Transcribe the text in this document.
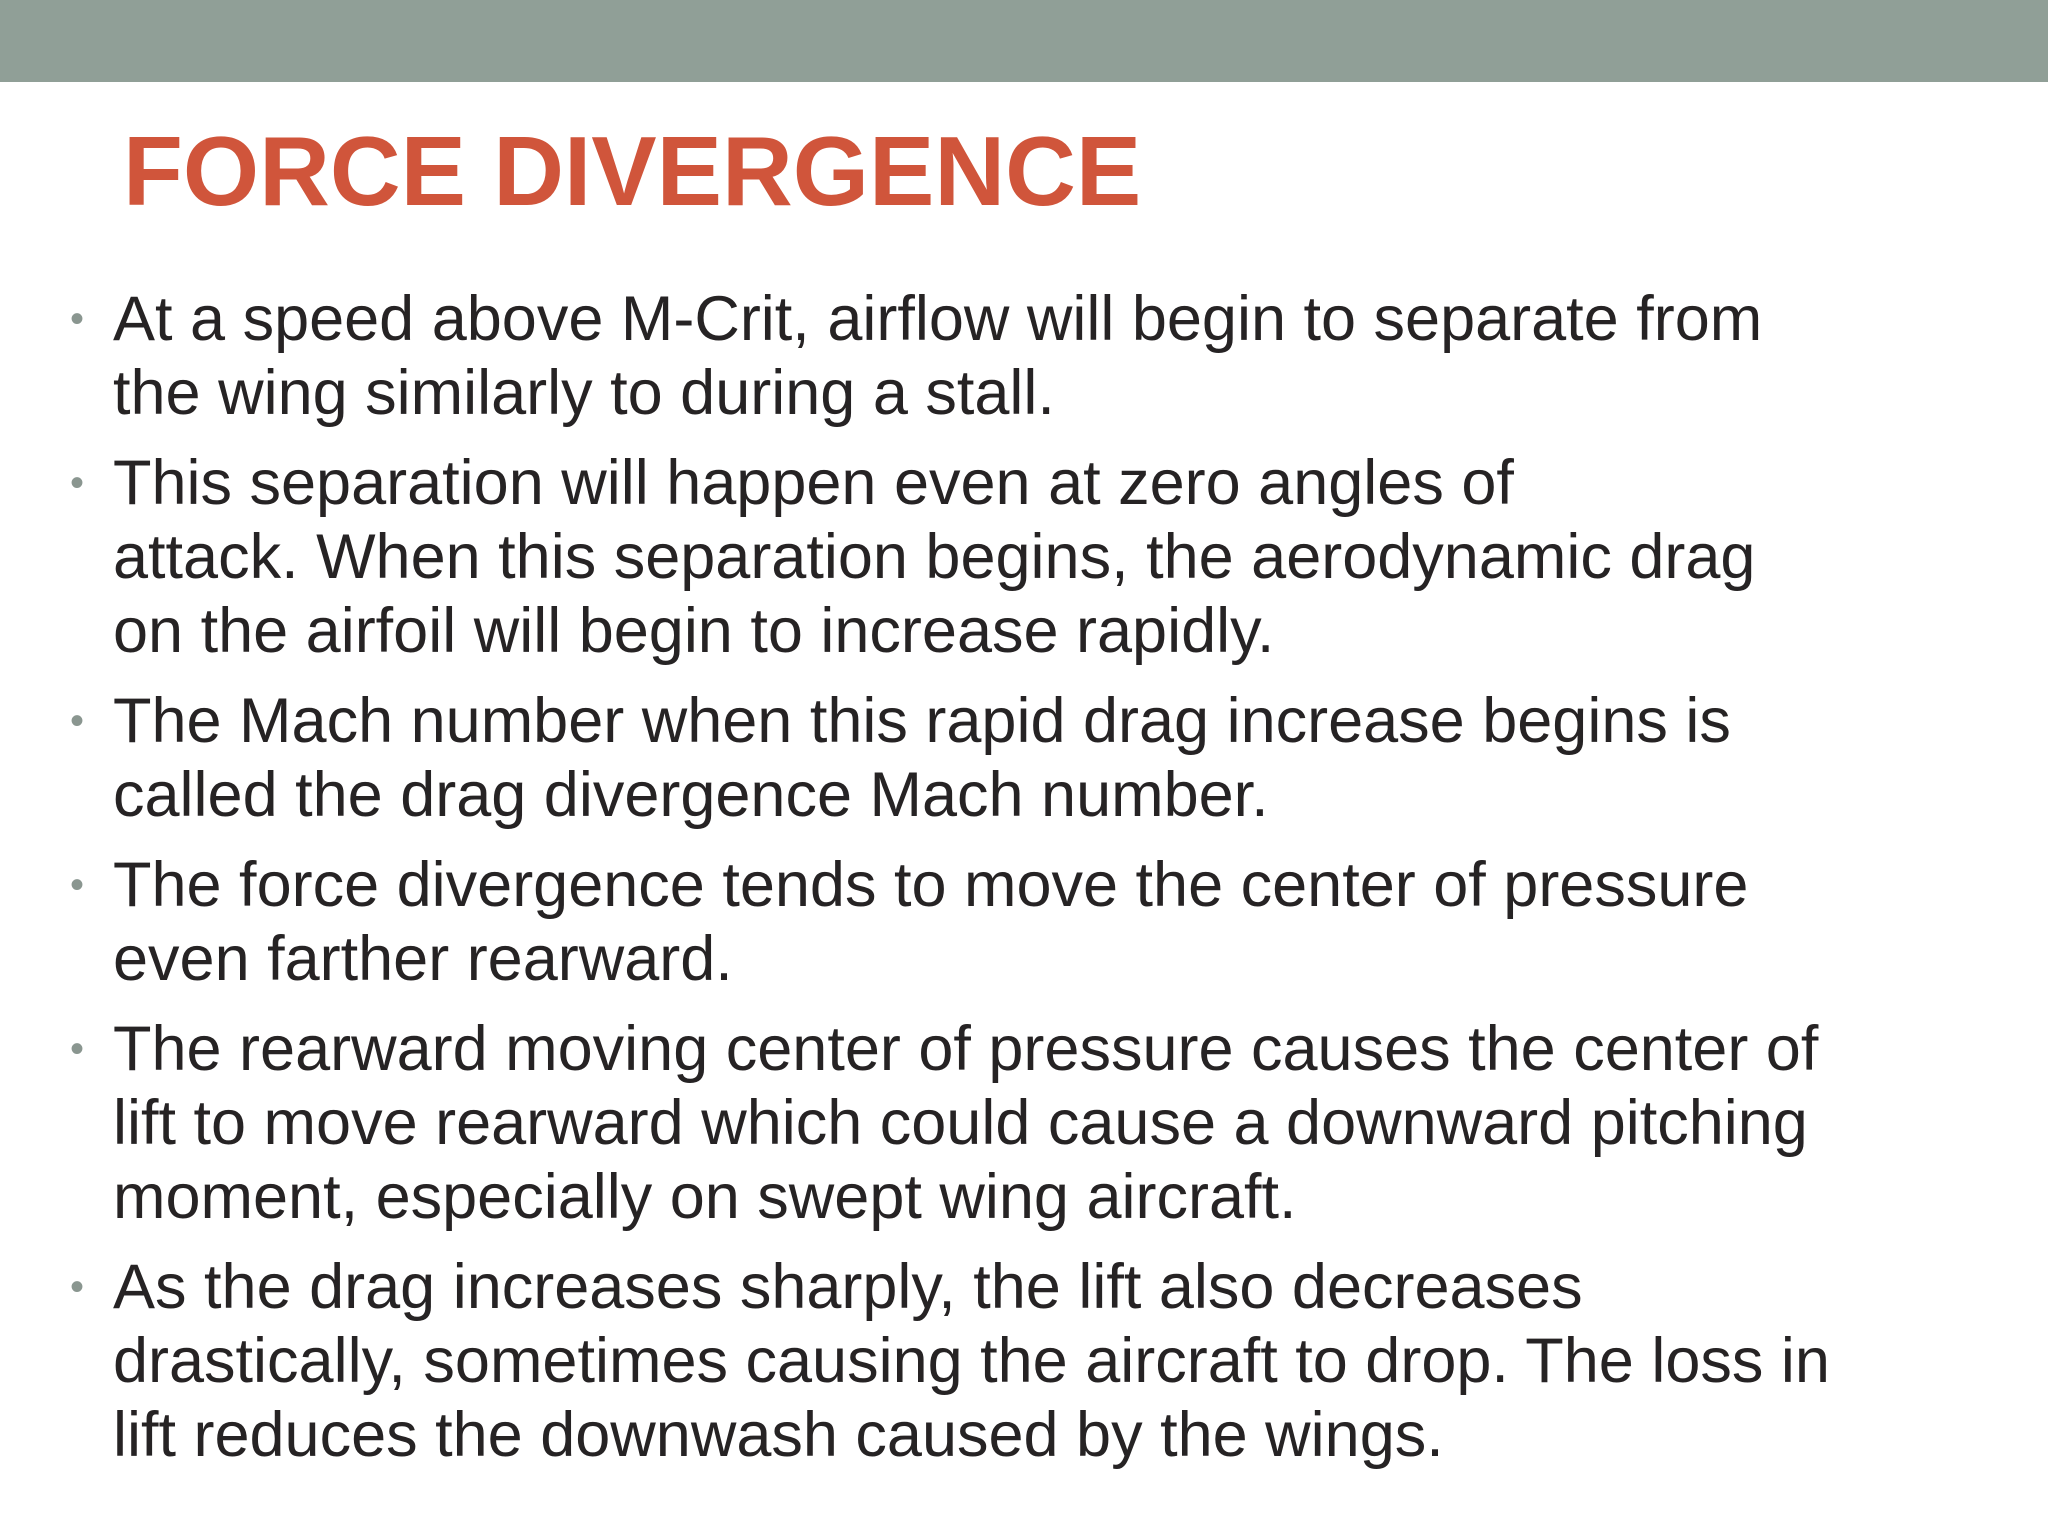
FORCE DIVERGENCE
• At a speed above M-Crit, airflow will begin to separate from
the wing similarly to during a stall.
• This separation will happen even at zero angles of
attack. When this separation begins, the aerodynamic drag
on the airfoil will begin to increase rapidly.
• The Mach number when this rapid drag increase begins is
called the drag divergence Mach number.
• The force divergence tends to move the center of pressure
even farther rearward.
• The rearward moving center of pressure causes the center of
lift to move rearward which could cause a downward pitching
moment, especially on swept wing aircraft.
• As the drag increases sharply, the lift also decreases
drastically, sometimes causing the aircraft to drop. The loss in
lift reduces the downwash caused by the wings.
